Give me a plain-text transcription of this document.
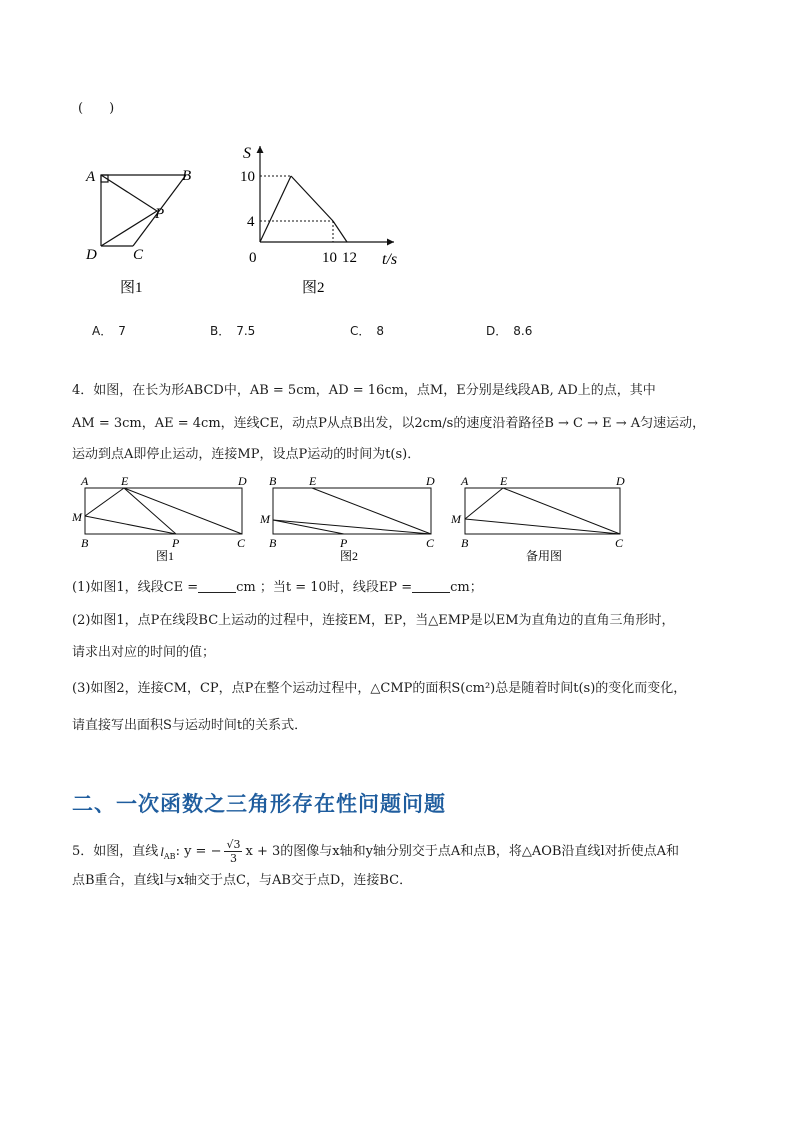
(　　)
A	B
P
D C
图1
S
10
4
0	10 12 t/s
图2
A． 7	B． 7.5	C． 8	D． 8.6
4．如图，在长为形ABCD中，AB = 5cm，AD = 16cm，点M，E分别是线段AB, AD上的点，其中
AM = 3cm，AE = 4cm，连线CE，动点P从点B出发，以2cm/s的速度沿着路径B → C → E → A匀速运动，
运动到点A即停止运动，连接MP，设点P运动的时间为t(s)．
A	E	D
M
B	P	C
图1
B	E	D
M
B	P	C
图2
A	E	D
M
B	C
备用图
(1)如图1，线段CE =	cm ；当t = 10时，线段EP =	cm；
(2)如图1，点P在线段BC上运动的过程中，连接EM，EP，当△EMP是以EM为直角边的直角三角形时，
请求出对应的时间的值；
(3)如图2，连接CM，CP，点P在整个运动过程中，△CMP的面积S(cm²)总是随着时间t(s)的变化而变化，
请直接写出面积S与运动时间t的关系式．
二、一次函数之三角形存在性问题问题
5．如图，直线 l AB : y = − $\frac{√3}{3}$ x + 3的图像与x轴和y轴分别交于点A和点B，将△AOB沿直线l对折使点A和
点B重合，直线l与x轴交于点C，与AB交于点D，连接BC．
